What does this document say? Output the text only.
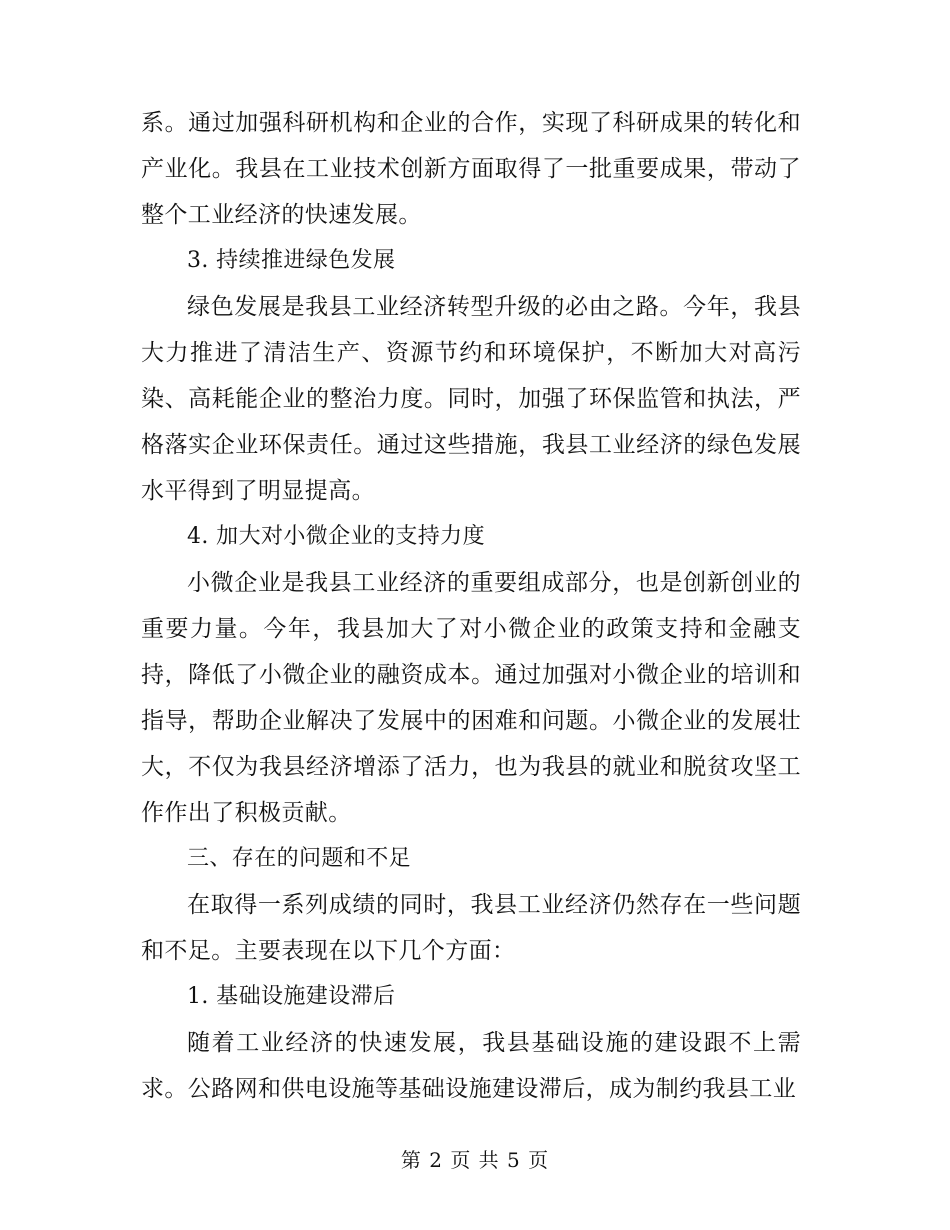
系。通过加强科研机构和企业的合作，实现了科研成果的转化和产业化。我县在工业技术创新方面取得了一批重要成果，带动了整个工业经济的快速发展。

3. 持续推进绿色发展

绿色发展是我县工业经济转型升级的必由之路。今年，我县大力推进了清洁生产、资源节约和环境保护，不断加大对高污染、高耗能企业的整治力度。同时，加强了环保监管和执法，严格落实企业环保责任。通过这些措施，我县工业经济的绿色发展水平得到了明显提高。

4. 加大对小微企业的支持力度

小微企业是我县工业经济的重要组成部分，也是创新创业的重要力量。今年，我县加大了对小微企业的政策支持和金融支持，降低了小微企业的融资成本。通过加强对小微企业的培训和指导，帮助企业解决了发展中的困难和问题。小微企业的发展壮大，不仅为我县经济增添了活力，也为我县的就业和脱贫攻坚工作作出了积极贡献。

三、存在的问题和不足

在取得一系列成绩的同时，我县工业经济仍然存在一些问题和不足。主要表现在以下几个方面：

1. 基础设施建设滞后

随着工业经济的快速发展，我县基础设施的建设跟不上需求。公路网和供电设施等基础设施建设滞后，成为制约我县工业

第 2 页 共 5 页
